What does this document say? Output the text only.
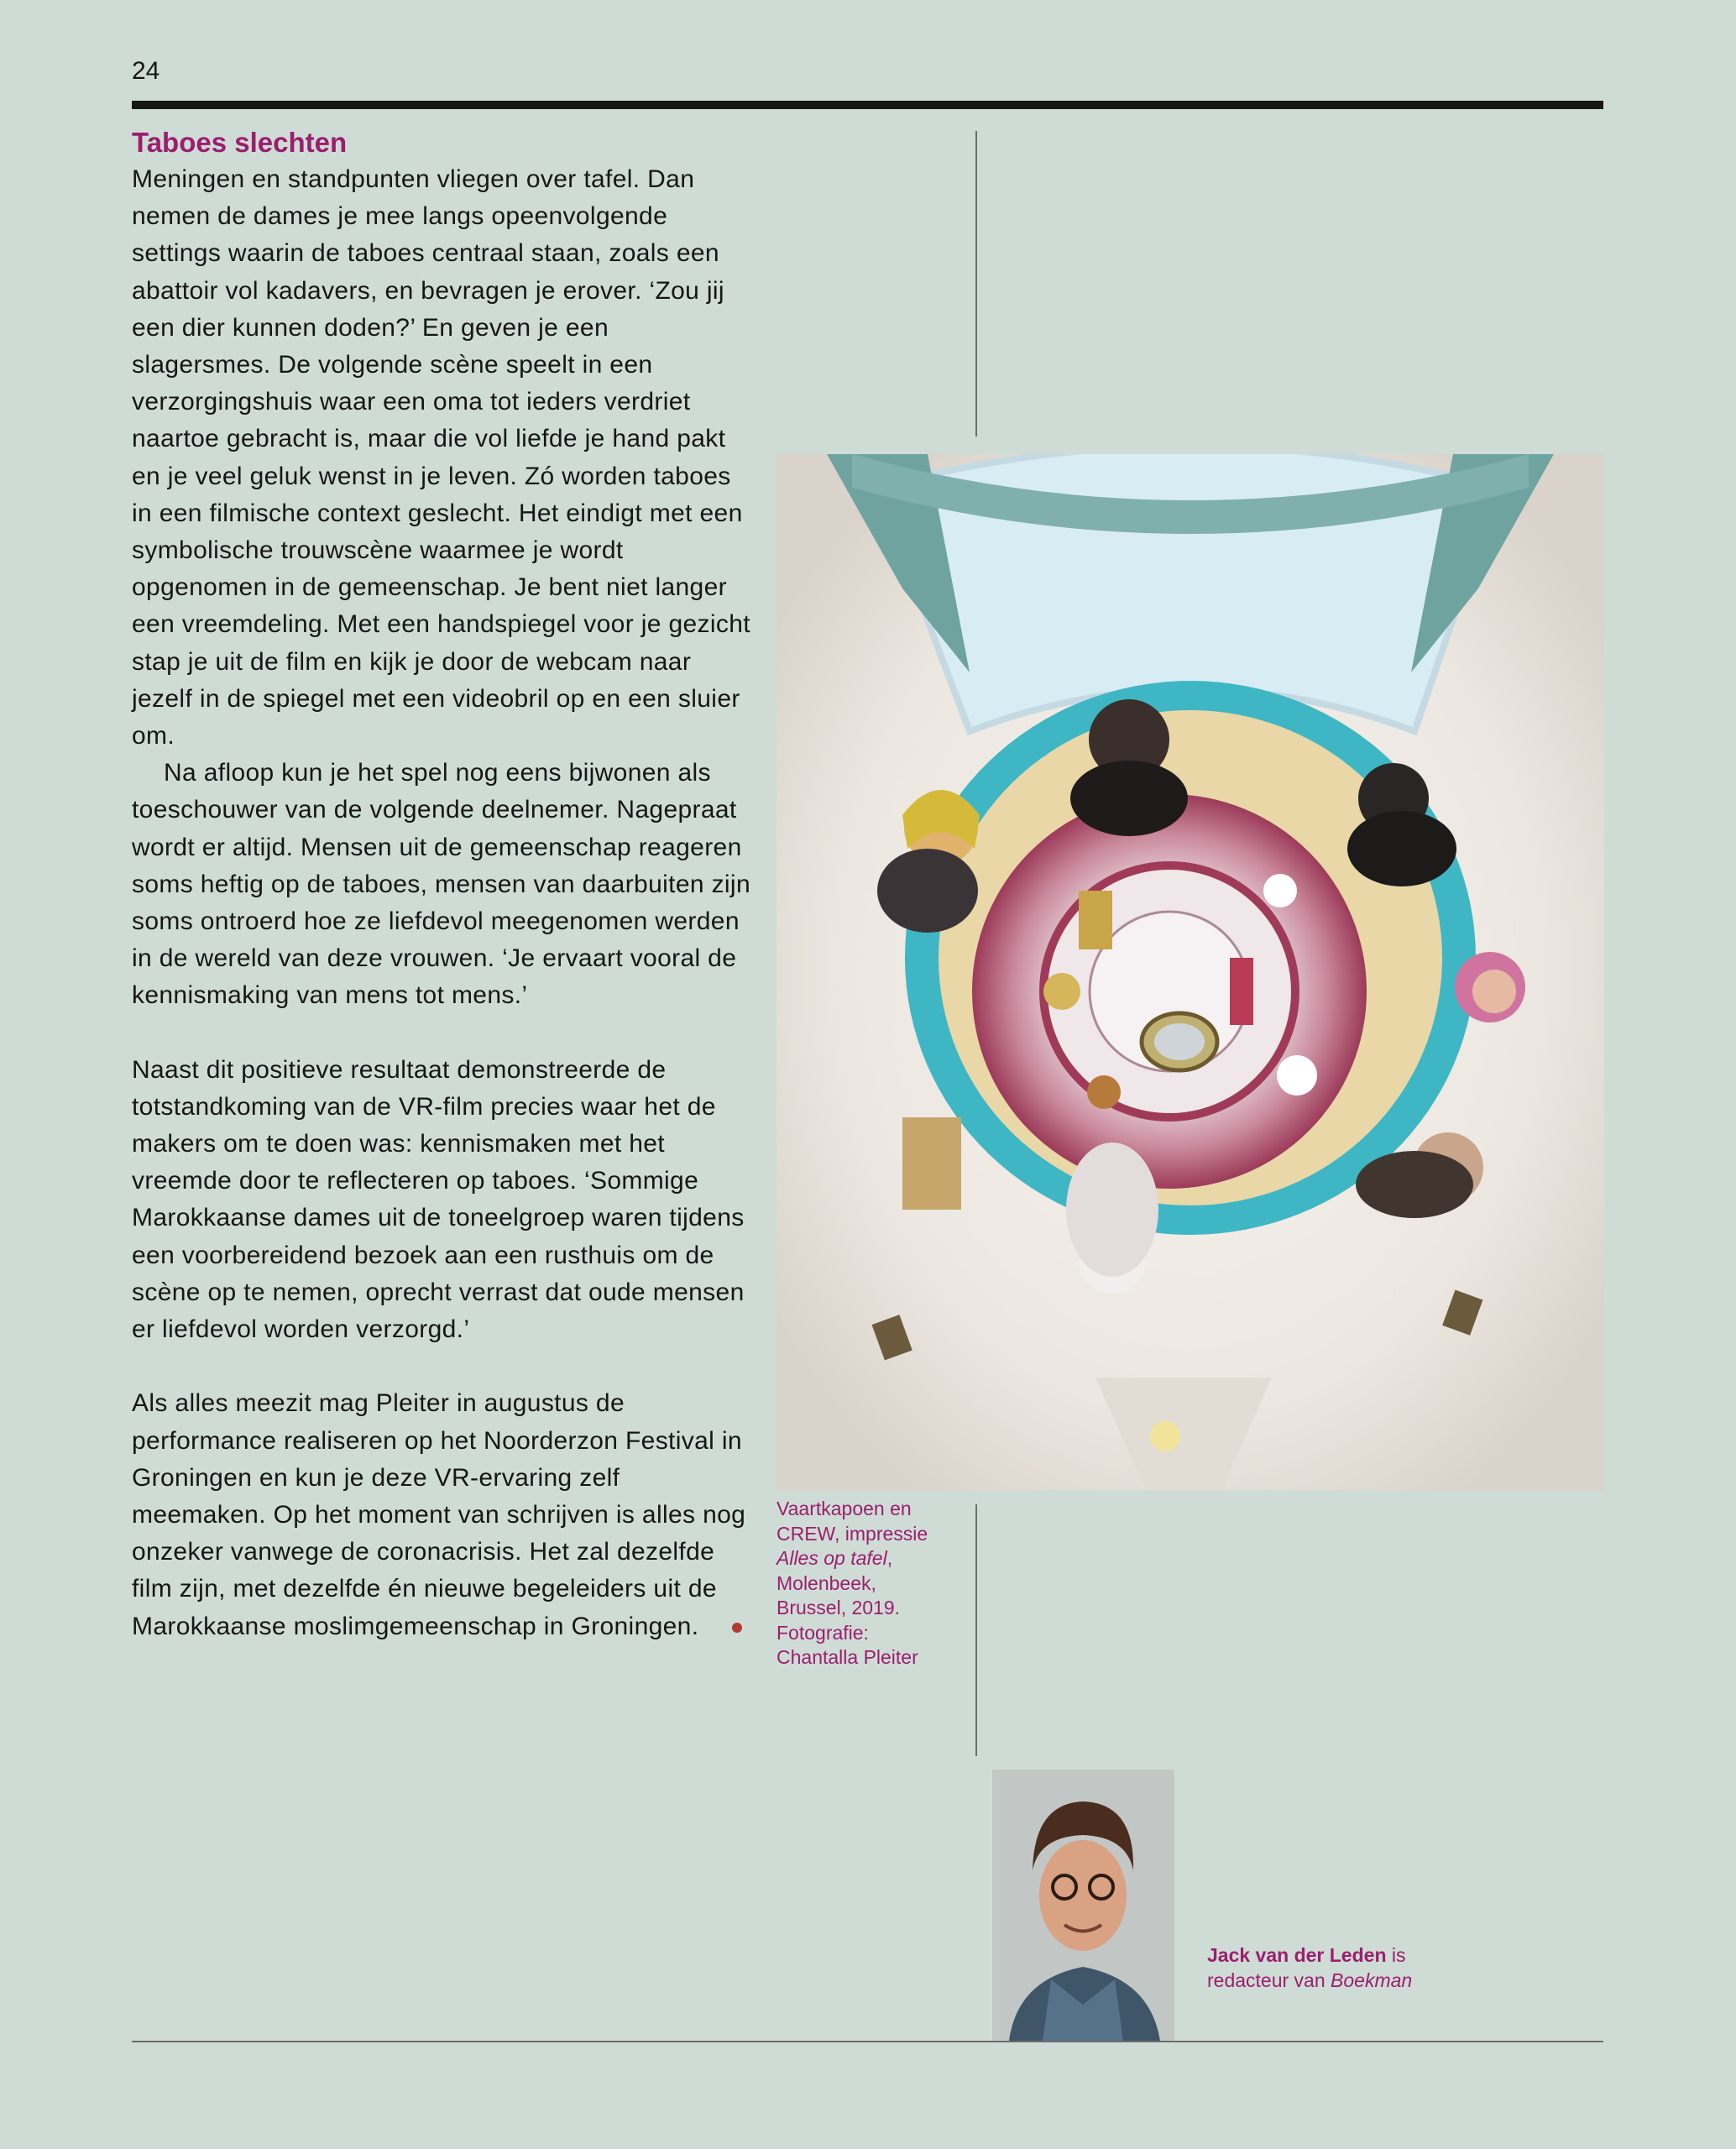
24
Taboes slechten

Meningen en standpunten vliegen over tafel. Dan nemen de dames je mee langs opeenvolgende settings waarin de taboes centraal staan, zoals een abattoir vol kadavers, en bevragen je erover. ‘Zou jij een dier kunnen doden?’ En geven je een slagersmes. De volgende scène speelt in een verzorgingshuis waar een oma tot ieders verdriet naartoe gebracht is, maar die vol liefde je hand pakt en je veel geluk wenst in je leven. Zó worden taboes in een filmische context geslecht. Het eindigt met een symbolische trouwscène waarmee je wordt opgenomen in de gemeenschap. Je bent niet langer een vreemdeling. Met een handspiegel voor je gezicht stap je uit de film en kijk je door de webcam naar jezelf in de spiegel met een videobril op en een sluier om.

Na afloop kun je het spel nog eens bijwonen als toeschouwer van de volgende deelnemer. Nagepraat wordt er altijd. Mensen uit de gemeenschap reageren soms heftig op de taboes, mensen van daarbuiten zijn soms ontroerd hoe ze liefdevol meegenomen werden in de wereld van deze vrouwen. ‘Je ervaart vooral de kennismaking van mens tot mens.’

Naast dit positieve resultaat demonstreerde de totstandkoming van de VR-film precies waar het de makers om te doen was: kennismaken met het vreemde door te reflecteren op taboes. ‘Sommige Marokkaanse dames uit de toneelgroep waren tijdens een voorbereidend bezoek aan een rusthuis om de scène op te nemen, oprecht verrast dat oude mensen er liefdevol worden verzorgd.’

Als alles meezit mag Pleiter in augustus de performance realiseren op het Noorderzon Festival in Groningen en kun je deze VR-ervaring zelf meemaken. Op het moment van schrijven is alles nog onzeker vanwege de coronacrisis. Het zal dezelfde film zijn, met dezelfde én nieuwe begeleiders uit de Marokkaanse moslimgemeenschap in Groningen.

Vaartkapoen en
CREW, impressie
Alles op tafel,
Molenbeek,
Brussel, 2019.
Fotografie:
Chantalla Pleiter
Jack van der Leden is redacteur van Boekman
